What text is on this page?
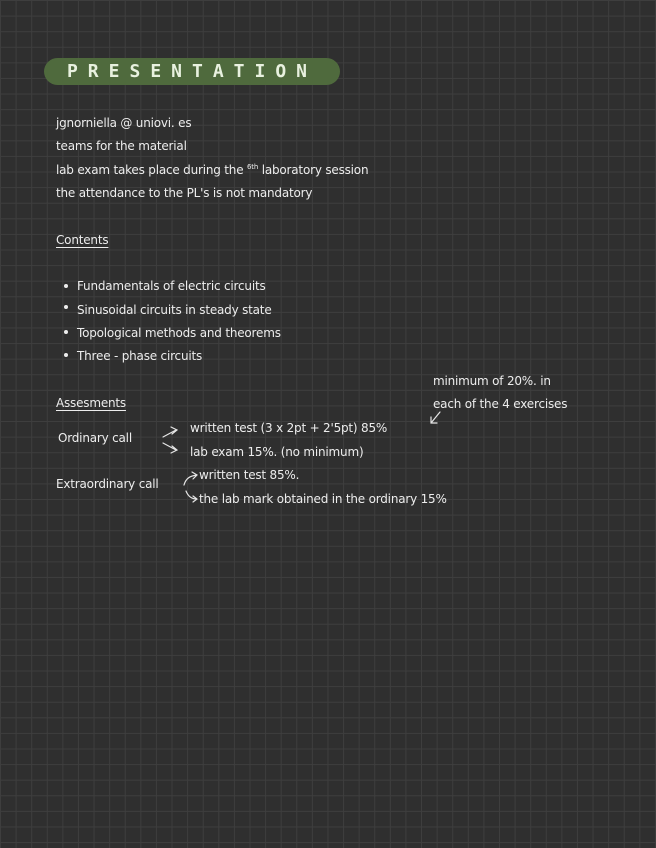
PRESENTATION
jgnorniella @ uniovi. es
teams for the material
lab exam takes place during the $^{6th}$ laboratory session
the attendance to the PL's is not mandatory
Contents
Fundamentals of electric circuits
Sinusoidal circuits in steady state
Topological methods and theorems
Three - phase circuits
minimum of 20%. in
each of the 4 exercises
Assesments
Ordinary call
written test (3 x 2pt + 2'5pt) 85%
lab exam 15%. (no minimum)
Extraordinary call
written test 85%.
the lab mark obtained in the ordinary 15%
